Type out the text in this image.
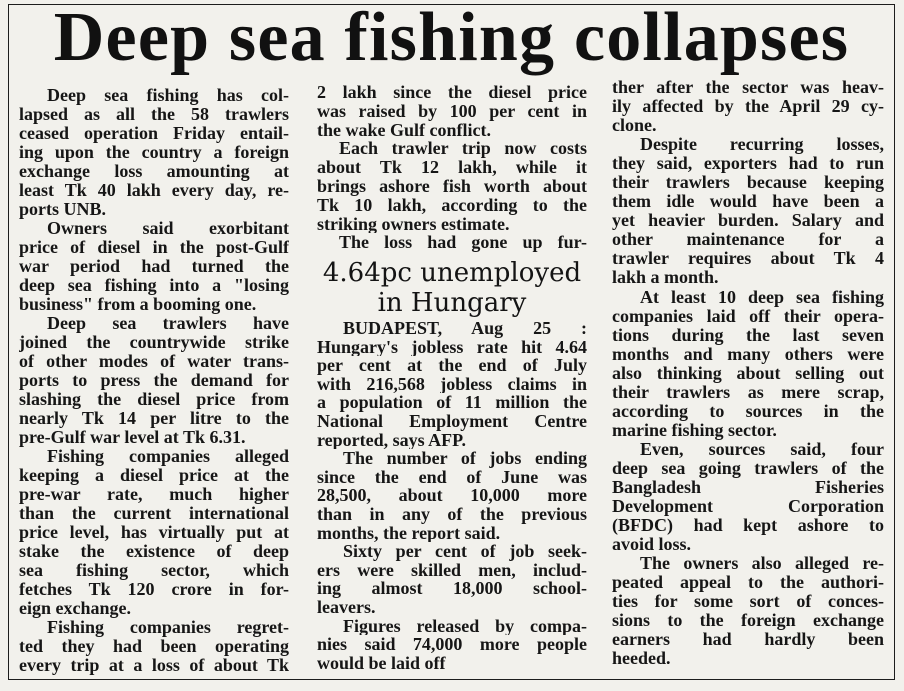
Deep sea fishing collapses
Deep sea fishing has col-
lapsed as all the 58 trawlers
ceased operation Friday entail-
ing upon the country a foreign
exchange loss amounting at
least Tk 40 lakh every day, re-
ports UNB.
Owners said exorbitant
price of diesel in the post-Gulf
war period had turned the
deep sea fishing into a "losing
business" from a booming one.
Deep sea trawlers have
joined the countrywide strike
of other modes of water trans-
ports to press the demand for
slashing the diesel price from
nearly Tk 14 per litre to the
pre-Gulf war level at Tk 6.31.
Fishing companies alleged
keeping a diesel price at the
pre-war rate, much higher
than the current international
price level, has virtually put at
stake the existence of deep
sea fishing sector, which
fetches Tk 120 crore in for-
eign exchange.
Fishing companies regret-
ted they had been operating
every trip at a loss of about Tk
2 lakh since the diesel price
was raised by 100 per cent in
the wake Gulf conflict.
Each trawler trip now costs
about Tk 12 lakh, while it
brings ashore fish worth about
Tk 10 lakh, according to the
striking owners estimate.
The loss had gone up fur-
4.64pc unemployed
in Hungary
BUDAPEST, Aug 25 :
Hungary's jobless rate hit 4.64
per cent at the end of July
with 216,568 jobless claims in
a population of 11 million the
National Employment Centre
reported, says AFP.
The number of jobs ending
since the end of June was
28,500, about 10,000 more
than in any of the previous
months, the report said.
Sixty per cent of job seek-
ers were skilled men, includ-
ing almost 18,000 school-
leavers.
Figures released by compa-
nies said 74,000 more people
would be laid off
ther after the sector was heav-
ily affected by the April 29 cy-
clone.
Despite recurring losses,
they said, exporters had to run
their trawlers because keeping
them idle would have been a
yet heavier burden. Salary and
other maintenance for a
trawler requires about Tk 4
lakh a month.
At least 10 deep sea fishing
companies laid off their opera-
tions during the last seven
months and many others were
also thinking about selling out
their trawlers as mere scrap,
according to sources in the
marine fishing sector.
Even, sources said, four
deep sea going trawlers of the
Bangladesh Fisheries
Development Corporation
(BFDC) had kept ashore to
avoid loss.
The owners also alleged re-
peated appeal to the authori-
ties for some sort of conces-
sions to the foreign exchange
earners had hardly been
heeded.
